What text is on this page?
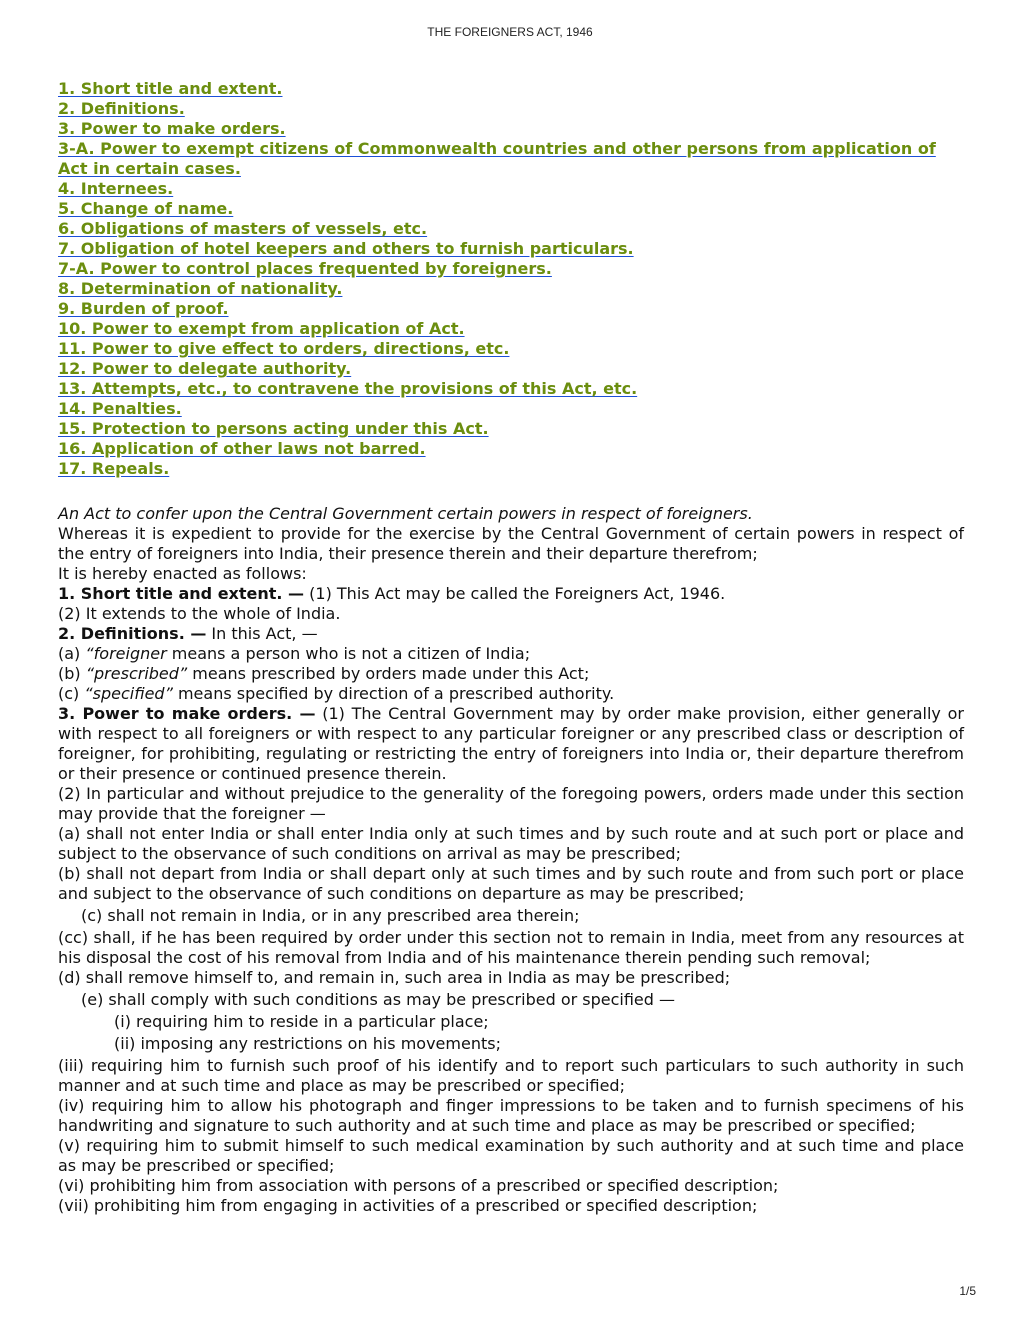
THE FOREIGNERS ACT, 1946
1. Short title and extent.
2. Definitions.
3. Power to make orders.
3-A. Power to exempt citizens of Commonwealth countries and other persons from application of Act in certain cases.
4. Internees.
5. Change of name.
6. Obligations of masters of vessels, etc.
7. Obligation of hotel keepers and others to furnish particulars.
7-A. Power to control places frequented by foreigners.
8. Determination of nationality.
9. Burden of proof.
10. Power to exempt from application of Act.
11. Power to give effect to orders, directions, etc.
12. Power to delegate authority.
13. Attempts, etc., to contravene the provisions of this Act, etc.
14. Penalties.
15. Protection to persons acting under this Act.
16. Application of other laws not barred.
17. Repeals.

An Act to confer upon the Central Government certain powers in respect of foreigners.

Whereas it is expedient to provide for the exercise by the Central Government of certain powers in respect of the entry of foreigners into India, their presence therein and their departure therefrom;

It is hereby enacted as follows:

1. Short title and extent. — (1) This Act may be called the Foreigners Act, 1946.

(2) It extends to the whole of India.

2. Definitions. — In this Act, —

(a) “foreigner means a person who is not a citizen of India;

(b) “prescribed” means prescribed by orders made under this Act;

(c) “specified” means specified by direction of a prescribed authority.

3. Power to make orders. — (1) The Central Government may by order make provision, either generally or with respect to all foreigners or with respect to any particular foreigner or any prescribed class or description of foreigner, for prohibiting, regulating or restricting the entry of foreigners into India or, their departure therefrom or their presence or continued presence therein.

(2) In particular and without prejudice to the generality of the foregoing powers, orders made under this section may provide that the foreigner —

(a) shall not enter India or shall enter India only at such times and by such route and at such port or place and subject to the observance of such conditions on arrival as may be prescribed;

(b) shall not depart from India or shall depart only at such times and by such route and from such port or place and subject to the observance of such conditions on departure as may be prescribed;

(c) shall not remain in India, or in any prescribed area therein;

(cc) shall, if he has been required by order under this section not to remain in India, meet from any resources at his disposal the cost of his removal from India and of his maintenance therein pending such removal;

(d) shall remove himself to, and remain in, such area in India as may be prescribed;

(e) shall comply with such conditions as may be prescribed or specified —

(i) requiring him to reside in a particular place;

(ii) imposing any restrictions on his movements;

(iii) requiring him to furnish such proof of his identify and to report such particulars to such authority in such manner and at such time and place as may be prescribed or specified;

(iv) requiring him to allow his photograph and finger impressions to be taken and to furnish specimens of his handwriting and signature to such authority and at such time and place as may be prescribed or specified;

(v) requiring him to submit himself to such medical examination by such authority and at such time and place as may be prescribed or specified;

(vi) prohibiting him from association with persons of a prescribed or specified description;

(vii) prohibiting him from engaging in activities of a prescribed or specified description;

1/5
